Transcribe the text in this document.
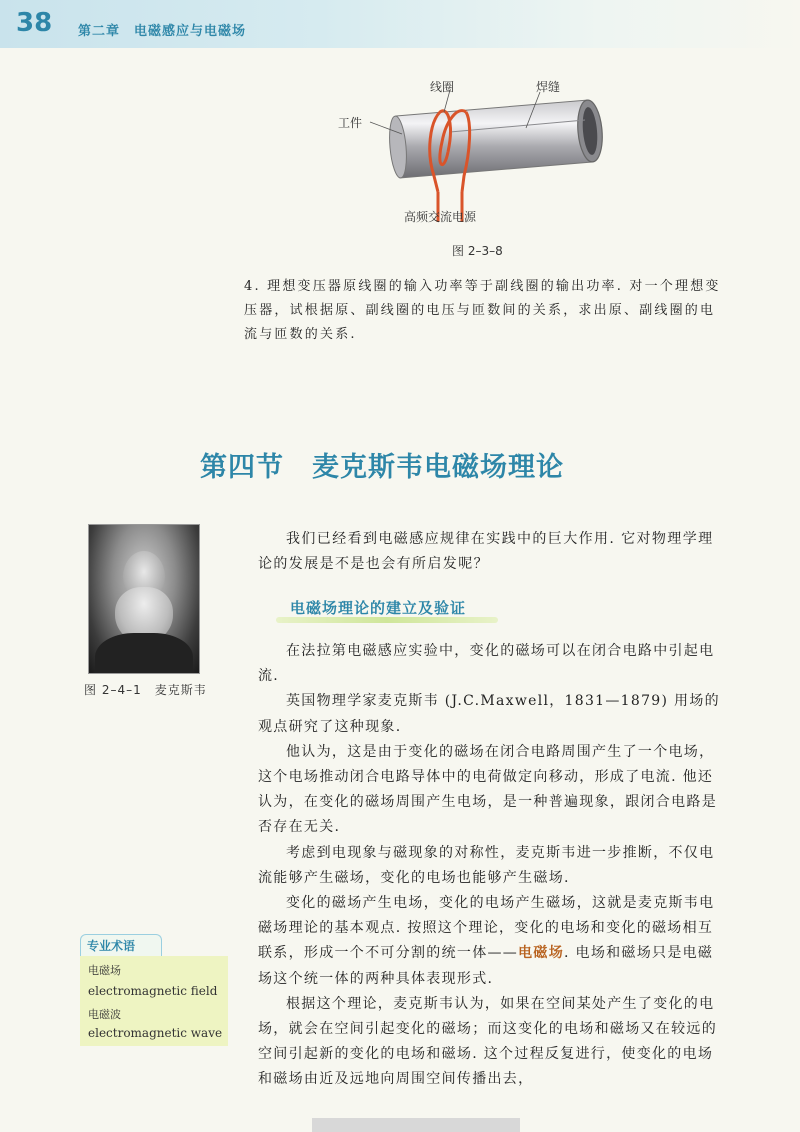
38 第二章　电磁感应与电磁场
线圈	焊缝
工件
高频交流电源
图 2–3–8
4. 理想变压器原线圈的输入功率等于副线圈的输出功率. 对一个理想变压器，试根据原、副线圈的电压与匝数间的关系，求出原、副线圈的电流与匝数的关系.
第四节　麦克斯韦电磁场理论
图 2–4–1　麦克斯韦
我们已经看到电磁感应规律在实践中的巨大作用. 它对物理学理论的发展是不是也会有所启发呢？
电磁场理论的建立及验证

在法拉第电磁感应实验中，变化的磁场可以在闭合电路中引起电流.

英国物理学家麦克斯韦 (J.C.Maxwell，1831—1879) 用场的观点研究了这种现象.

他认为，这是由于变化的磁场在闭合电路周围产生了一个电场，这个电场推动闭合电路导体中的电荷做定向移动，形成了电流. 他还认为，在变化的磁场周围产生电场，是一种普遍现象，跟闭合电路是否存在无关.

考虑到电现象与磁现象的对称性，麦克斯韦进一步推断，不仅电流能够产生磁场，变化的电场也能够产生磁场.

变化的磁场产生电场，变化的电场产生磁场，这就是麦克斯韦电磁场理论的基本观点. 按照这个理论，变化的电场和变化的磁场相互联系，形成一个不可分割的统一体——电磁场. 电场和磁场只是电磁场这个统一体的两种具体表现形式.

根据这个理论，麦克斯韦认为，如果在空间某处产生了变化的电场，就会在空间引起变化的磁场；而这变化的电场和磁场又在较远的空间引起新的变化的电场和磁场. 这个过程反复进行，使变化的电场和磁场由近及远地向周围空间传播出去，

专业术语
电磁场
electromagnetic field
电磁波
electromagnetic wave
